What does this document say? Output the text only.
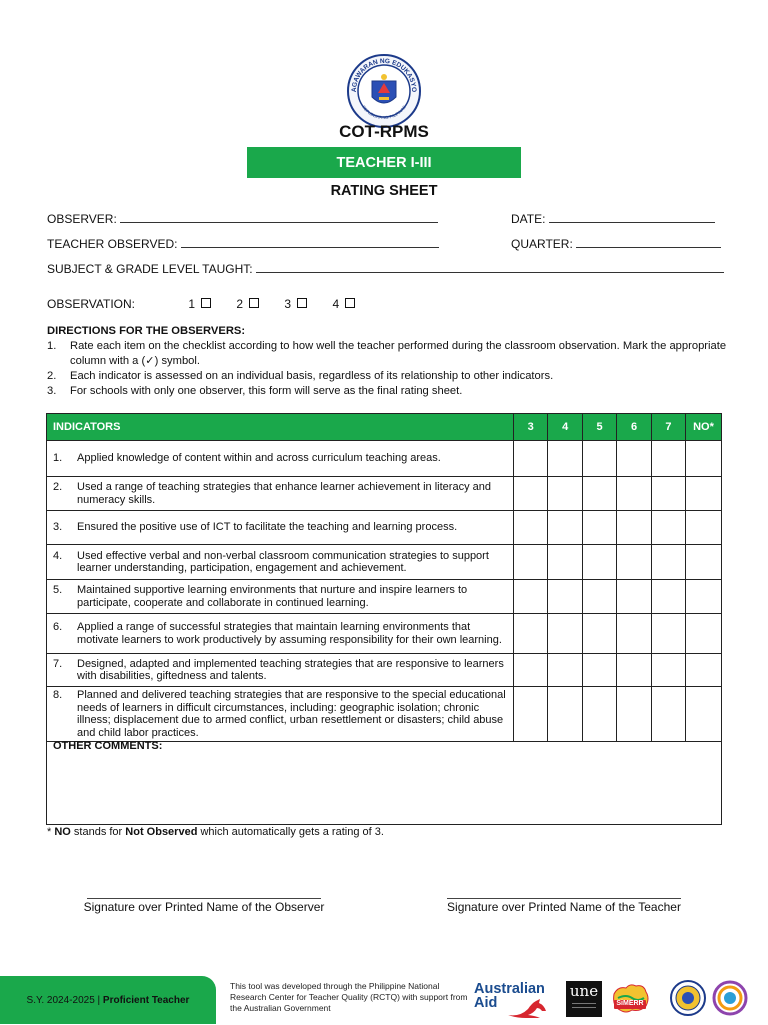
AGAWARAN NG EDUKASYO
REPUBLIKA NG PILIPINAS
COT-RPMS
TEACHER I-III
RATING SHEET
OBSERVER:	DATE:
TEACHER OBSERVED:	QUARTER:
SUBJECT & GRADE LEVEL TAUGHT:
OBSERVATION:	1	2	3	4
DIRECTIONS FOR THE OBSERVERS:
1. Rate each item on the checklist according to how well the teacher performed during the classroom observation. Mark the appropriate column with a (✓) symbol.
2. Each indicator is assessed on an individual basis, regardless of its relationship to other indicators.
3. For schools with only one observer, this form will serve as the final rating sheet.
INDICATORS	3	4	5	6	7	NO*

1. Applied knowledge of content within and across curriculum teaching areas.						

2. Used a range of teaching strategies that enhance learner achievement in literacy and numeracy skills.						

3. Ensured the positive use of ICT to facilitate the teaching and learning process.						

4. Used effective verbal and non-verbal classroom communication strategies to support learner understanding, participation, engagement and achievement.						

5. Maintained supportive learning environments that nurture and inspire learners to participate, cooperate and collaborate in continued learning.						

6. Applied a range of successful strategies that maintain learning environments that motivate learners to work productively by assuming responsibility for their own learning.						

7. Designed, adapted and implemented teaching strategies that are responsive to learners with disabilities, giftedness and talents.						

8. Planned and delivered teaching strategies that are responsive to the special educational needs of learners in difficult circumstances, including: geographic isolation; chronic illness; displacement due to armed conflict, urban resettlement or disasters; child abuse and child labor practices.						

OTHER COMMENTS:
* NO stands for Not Observed which automatically gets a rating of 3.
Signature over Printed Name of the Observer	Signature over Printed Name of the Teacher
S.Y. 2024-2025 |
Proficient Teacher
This tool was developed through the Philippine National Research Center for Teacher Quality (RCTQ) with support from the Australian Government
Australian
Aid
une
SiMERR
